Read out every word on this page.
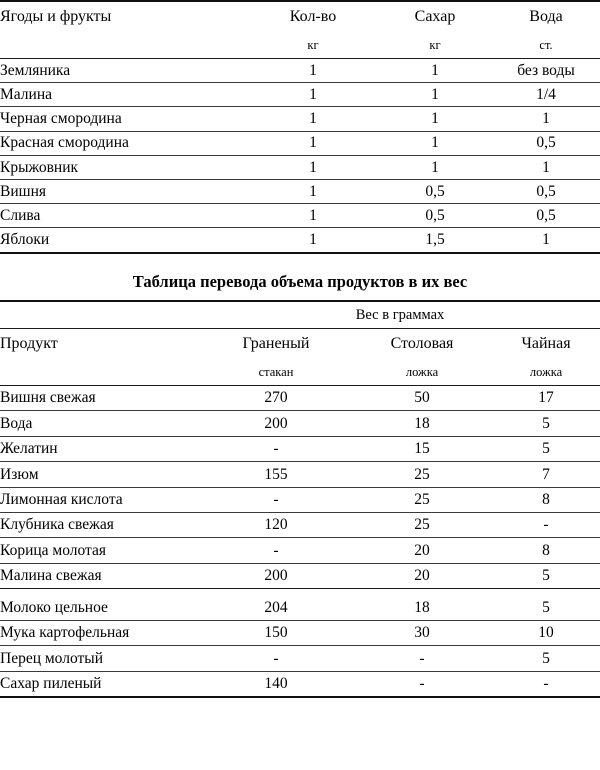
Ягоды и фрукты	Кол-во	Сахар	Вода
	кг	кг	ст.
Земляника	1	1	без воды
Малина	1	1	1/4
Черная смородина	1	1	1
Красная смородина	1	1	0,5
Крыжовник	1	1	1
Вишня	1	0,5	0,5
Слива	1	0,5	0,5
Яблоки	1	1,5	1
Таблица перевода объема продуктов в их вес
	Вес в граммах		
Продукт	Граненый	Столовая	Чайная
	стакан	ложка	ложка
Вишня свежая	270	50	17
Вода	200	18	5
Желатин	-	15	5
Изюм	155	25	7
Лимонная кислота	-	25	8
Клубника свежая	120	25	-
Корица молотая	-	20	8
Малина свежая	200	20	5

Молоко цельное	204	18	5
Мука картофельная	150	30	10
Перец молотый	-	-	5
Сахар пиленый	140	-	-
